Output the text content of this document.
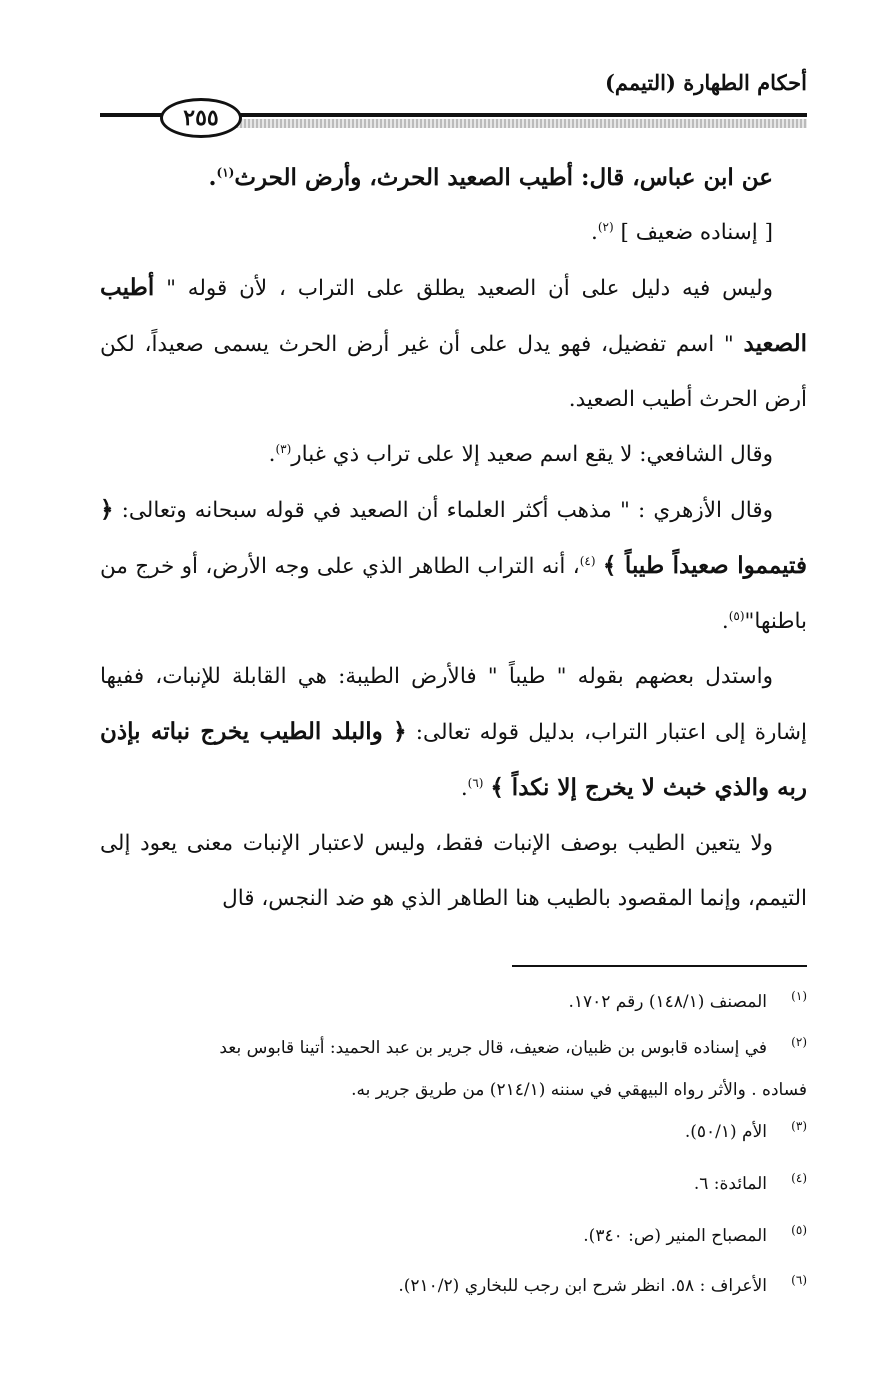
أحكام الطهارة (التيمم)
٢٥٥

عن ابن عباس، قال: أطيب الصعيد الحرث، وأرض الحرث$^{(١)}$.

[ إسناده ضعيف ] $^{(٢)}$.

وليس فيه دليل على أن الصعيد يطلق على التراب ، لأن قوله " أطيب الصعيد " اسم تفضيل، فهو يدل على أن غير أرض الحرث يسمى صعيداً، لكن أرض الحرث أطيب الصعيد.

وقال الشافعي: لا يقع اسم صعيد إلا على تراب ذي غبار$^{(٣)}$.

وقال الأزهري : " مذهب أكثر العلماء أن الصعيد في قوله سبحانه وتعالى: ﴿ فتيمموا صعيداً طيباً ﴾ $^{(٤)}$، أنه التراب الطاهر الذي على وجه الأرض، أو خرج من باطنها"$^{(٥)}$.

واستدل بعضهم بقوله " طيباً " فالأرض الطيبة: هي القابلة للإنبات، ففيها إشارة إلى اعتبار التراب، بدليل قوله تعالى: ﴿ والبلد الطيب يخرج نباته بإذن ربه والذي خبث لا يخرج إلا نكداً ﴾ $^{(٦)}$.

ولا يتعين الطيب بوصف الإنبات فقط، وليس لاعتبار الإنبات معنى يعود إلى التيمم، وإنما المقصود بالطيب هنا الطاهر الذي هو ضد النجس، قال

(١)
المصنف (١٤٨/١) رقم ١٧٠٢.
(٢)
في إسناده قابوس بن ظبيان، ضعيف، قال جرير بن عبد الحميد: أتينا قابوس بعد
فساده . والأثر رواه البيهقي في سننه (٢١٤/١) من طريق جرير به.
(٣)
الأم (٥٠/١).
(٤)
المائدة: ٦.
(٥)
المصباح المنير (ص: ٣٤٠).
(٦)
الأعراف : ٥٨. انظر شرح ابن رجب للبخاري (٢١٠/٢).
